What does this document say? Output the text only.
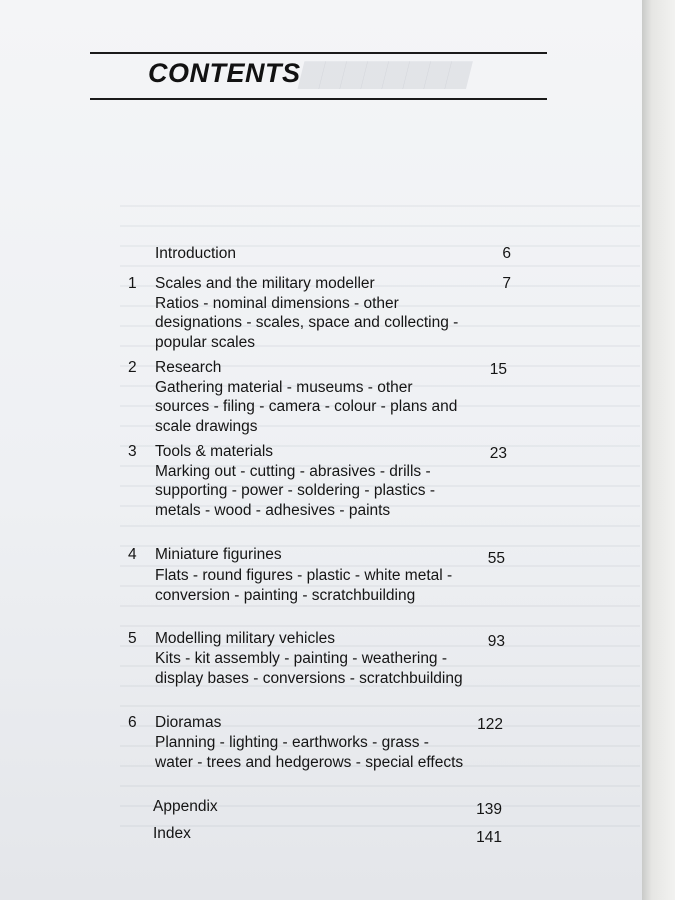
▇▇▇▇▇▇▇▇
CONTENTS
Introduction	6
1 Scales and the military modeller	7
Ratios - nominal dimensions - other designations - scales, space and collecting - popular scales
2 Research	15
Gathering material - museums - other sources - filing - camera - colour - plans and scale drawings
3 Tools & materials	23
Marking out - cutting - abrasives - drills - supporting - power - soldering - plastics - metals - wood - adhesives - paints
4 Miniature figurines	55
Flats - round figures - plastic - white metal - conversion - painting - scratchbuilding
5 Modelling military vehicles	93
Kits - kit assembly - painting - weathering - display bases - conversions - scratchbuilding
6 Dioramas	122
Planning - lighting - earthworks - grass - water - trees and hedgerows - special effects
Appendix	139
Index	141
